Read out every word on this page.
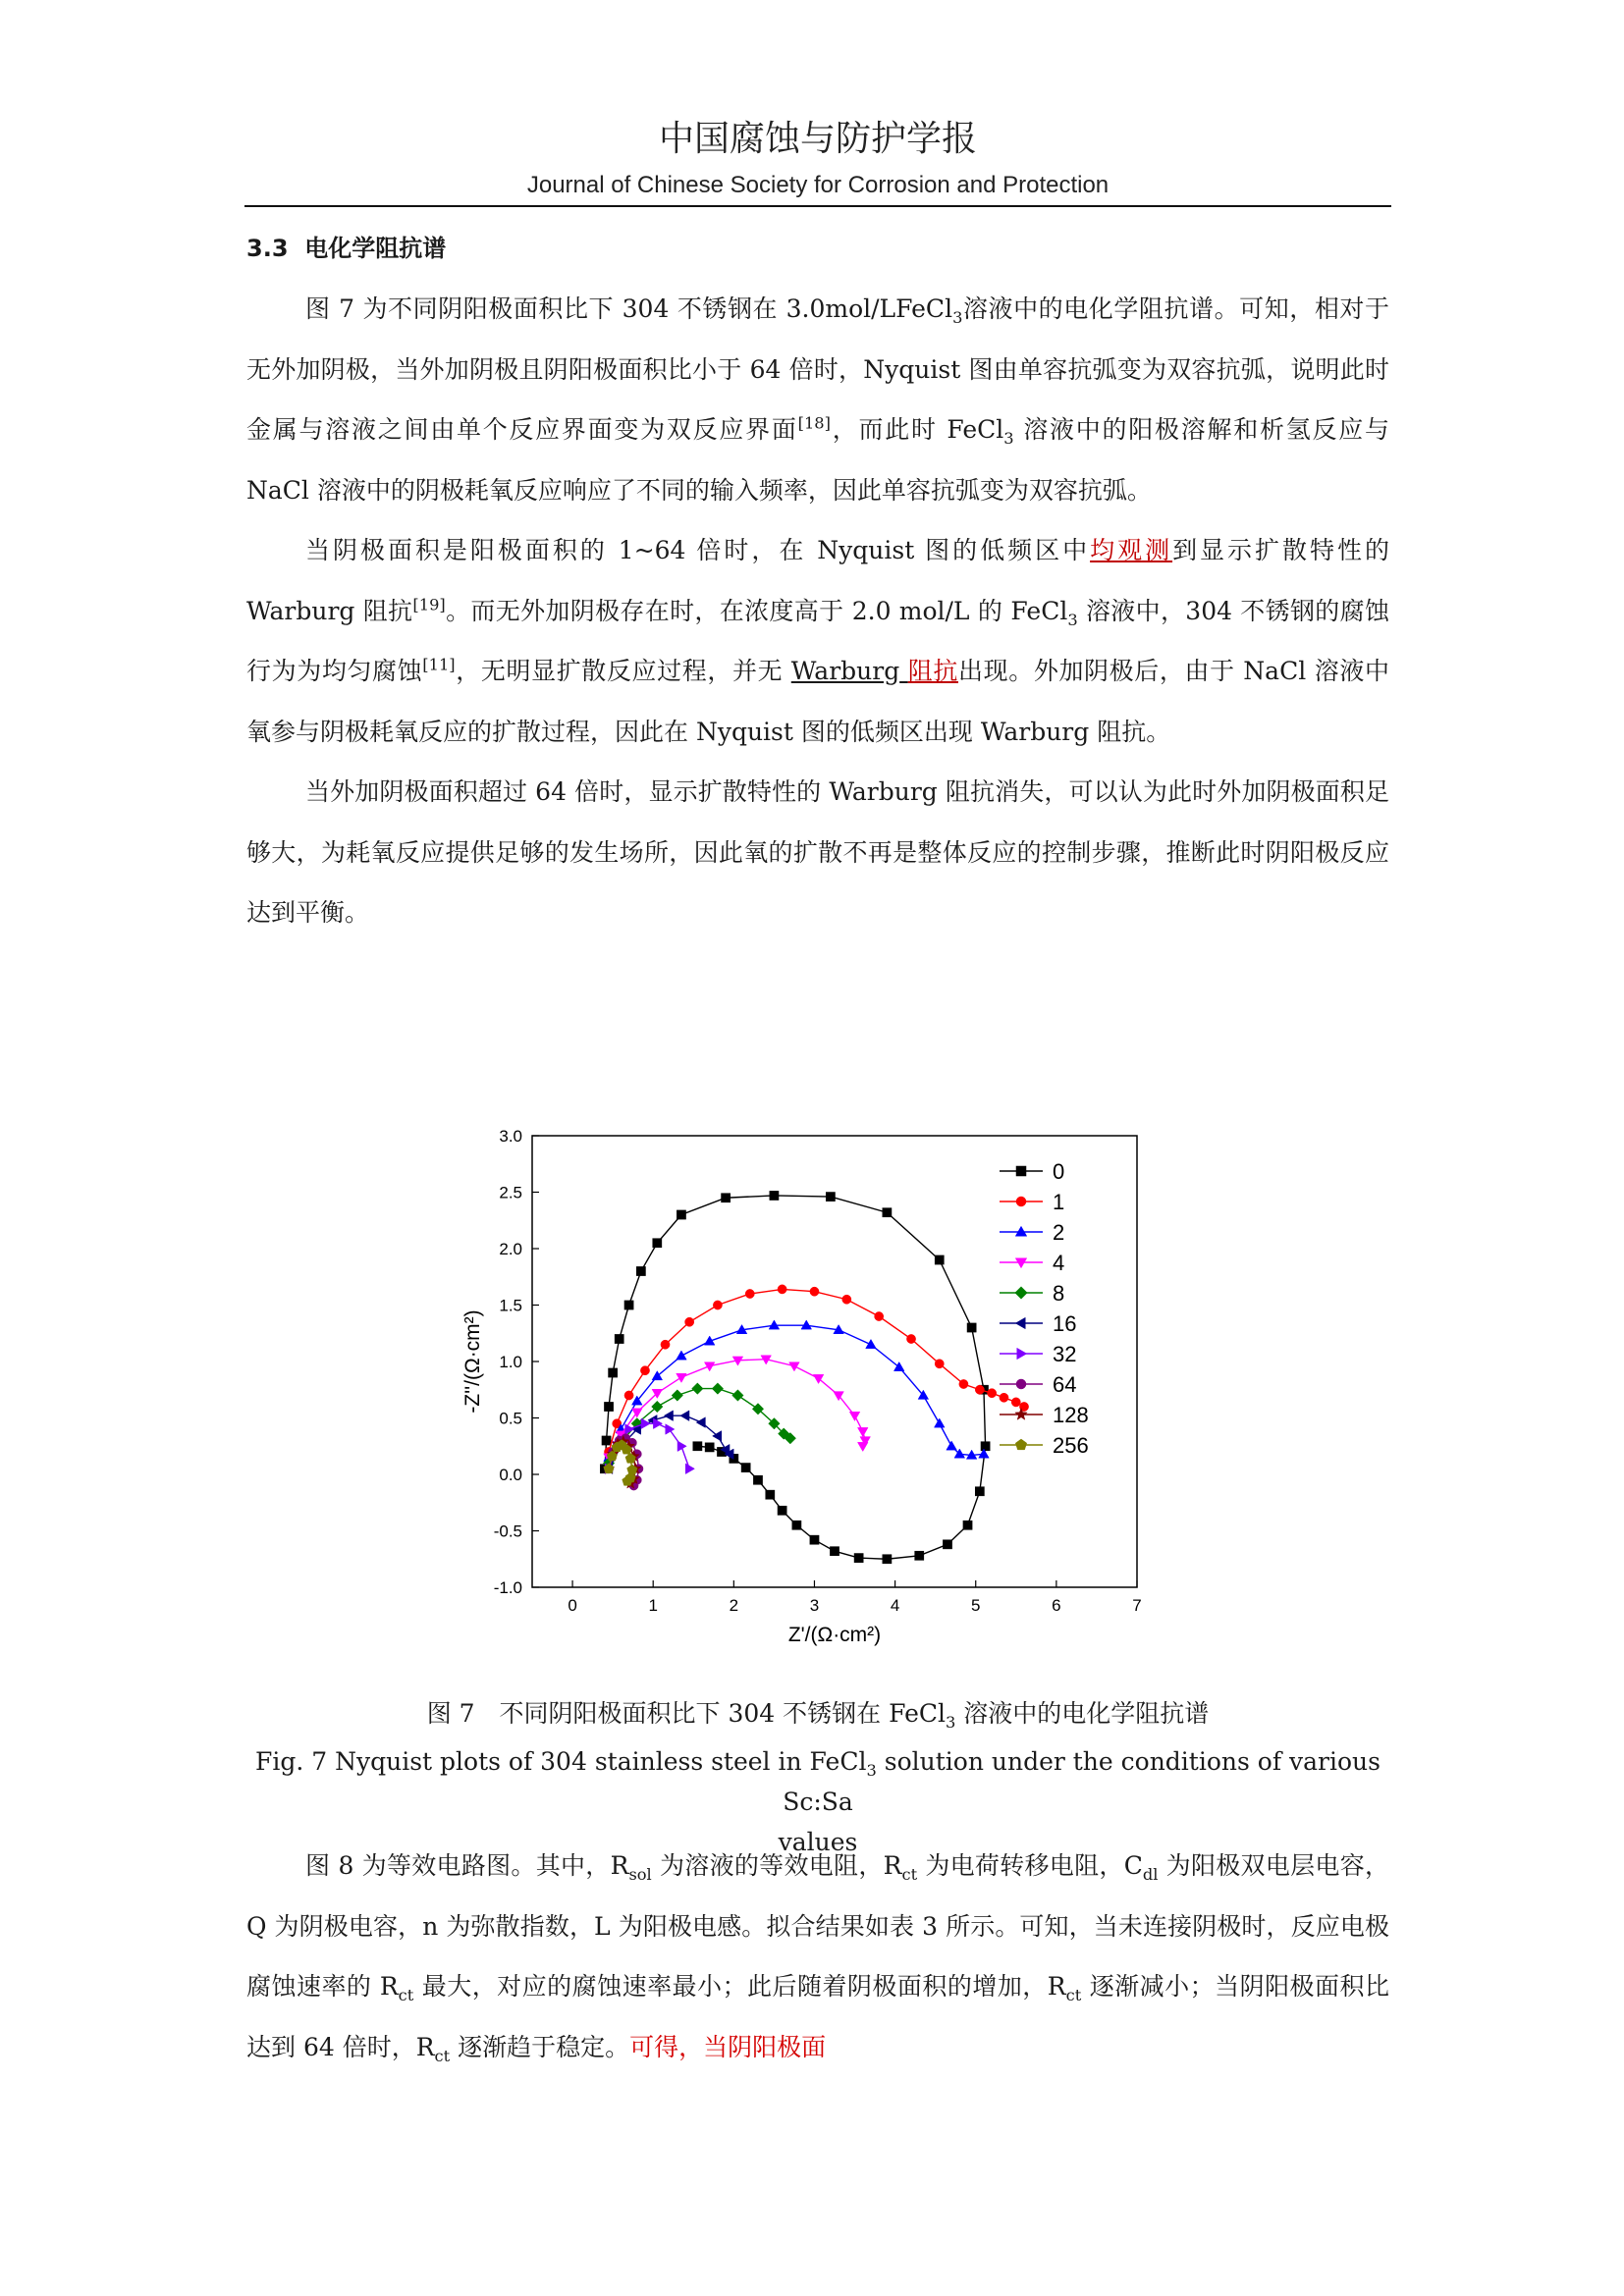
中国腐蚀与防护学报
Journal of Chinese Society for Corrosion and Protection
3.3 电化学阻抗谱

图 7 为不同阴阳极面积比下 304 不锈钢在 3.0mol/LFeCl$_3$溶液中的电化学阻抗谱。可知，相对于无外加阴极，当外加阴极且阴阳极面积比小于 64 倍时，Nyquist 图由单容抗弧变为双容抗弧，说明此时金属与溶液之间由单个反应界面变为双反应界面[18]，而此时 FeCl$_3$ 溶液中的阳极溶解和析氢反应与 NaCl 溶液中的阴极耗氧反应响应了不同的输入频率，因此单容抗弧变为双容抗弧。

当阴极面积是阳极面积的 1~64 倍时，在 Nyquist 图的低频区中均观测到显示扩散特性的 Warburg 阻抗[19]。而无外加阴极存在时，在浓度高于 2.0 mol/L 的 FeCl$_3$ 溶液中，304 不锈钢的腐蚀行为为均匀腐蚀[11]，无明显扩散反应过程，并无 Warburg 阻抗出现。外加阴极后，由于 NaCl 溶液中氧参与阴极耗氧反应的扩散过程，因此在 Nyquist 图的低频区出现 Warburg 阻抗。

当外加阴极面积超过 64 倍时，显示扩散特性的 Warburg 阻抗消失，可以认为此时外加阴极面积足够大，为耗氧反应提供足够的发生场所，因此氧的扩散不再是整体反应的控制步骤，推断此时阴阳极反应达到平衡。

0	1	2	3	4	5	6	7
-1.0
-0.5
0.0
0.5
1.0
1.5
2.0
2.5
3.0
0
1
2
4
8
16
32
64
128
256
Z'/(Ω·cm²)
-Z''/(Ω·cm²)
图 7　不同阴阳极面积比下 304 不锈钢在 FeCl$_3$ 溶液中的电化学阻抗谱
Fig. 7 Nyquist plots of 304 stainless steel in FeCl$_3$ solution under the conditions of various Sc:Sa
values

图 8 为等效电路图。其中，$R_{sol}$ 为溶液的等效电阻，$R_{ct}$ 为电荷转移电阻，$C_{dl}$ 为阳极双电层电容，Q 为阴极电容，n 为弥散指数，L 为阳极电感。拟合结果如表 3 所示。可知，当未连接阴极时，反应电极腐蚀速率的 $R_{ct}$ 最大，对应的腐蚀速率最小；此后随着阴极面积的增加，$R_{ct}$ 逐渐减小；当阴阳极面积比达到 64 倍时，$R_{ct}$ 逐渐趋于稳定。可得，当阴阳极面
